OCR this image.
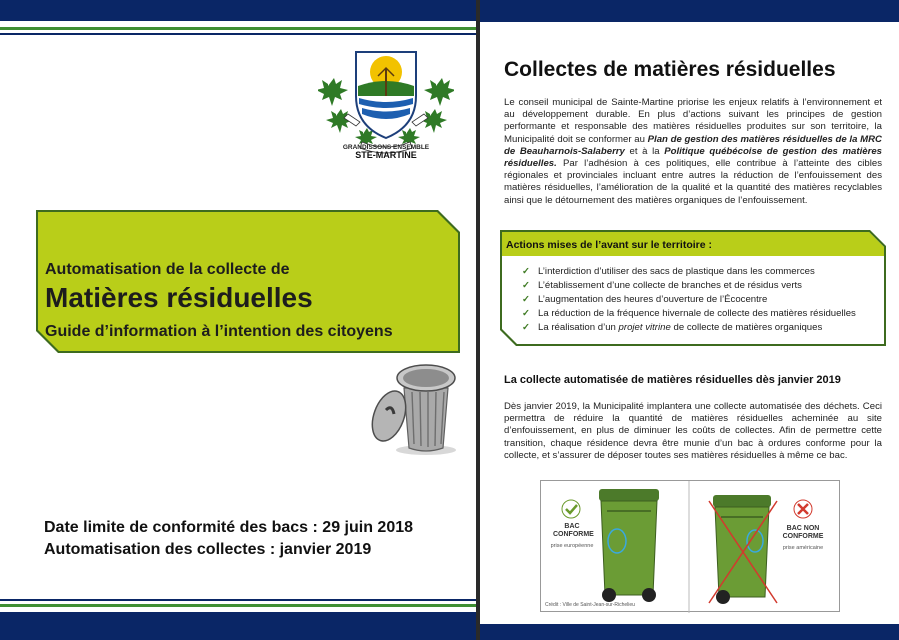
GRANDISSONS ENSEMBLE
STE-MARTINE
Automatisation de la collecte de
Matières résiduelles
Guide d’information à l’intention des citoyens
Date limite de conformité des bacs : 29 juin 2018
Automatisation des collectes : janvier 2019
Collectes de matières résiduelles

Le conseil municipal de Sainte-Martine priorise les enjeux relatifs à l’environnement et au développement durable. En plus d’actions suivant les principes de gestion performante et responsable des matières résiduelles produites sur son territoire, la Municipalité doit se conformer au Plan de gestion des matières résiduelles de la MRC de Beauharnois-Salaberry et à la Politique québécoise de gestion des matières résiduelles. Par l’adhésion à ces politiques, elle contribue à l’atteinte des cibles régionales et provinciales incluant entre autres la réduction de l’enfouissement des matières résiduelles, l’amélioration de la qualité et la quantité des matières recyclables ainsi que le détournement des matières organiques de l’enfouissement.

Actions mises de l’avant sur le territoire :
✓ L’interdiction d’utiliser des sacs de plastique dans les commerces
✓ L’établissement d’une collecte de branches et de résidus verts
✓ L’augmentation des heures d’ouverture de l’Écocentre
✓ La réduction de la fréquence hivernale de collecte des matières résiduelles
✓ La réalisation d’un projet vitrine de collecte de matières organiques
La collecte automatisée de matières résiduelles dès janvier 2019

Dès janvier 2019, la Municipalité implantera une collecte automatisée des déchets. Ceci permettra de réduire la quantité de matières résiduelles acheminée au site d’enfouissement, en plus de diminuer les coûts de collectes. Afin de permettre cette transition, chaque résidence devra être munie d’un bac à ordures conforme pour la collecte, et s’assurer de déposer toutes ses matières résiduelles à même ce bac.

BAC CONFORME
prise européenne
BAC NON CONFORME
prise américaine
Crédit : Ville de Saint-Jean-sur-Richelieu
